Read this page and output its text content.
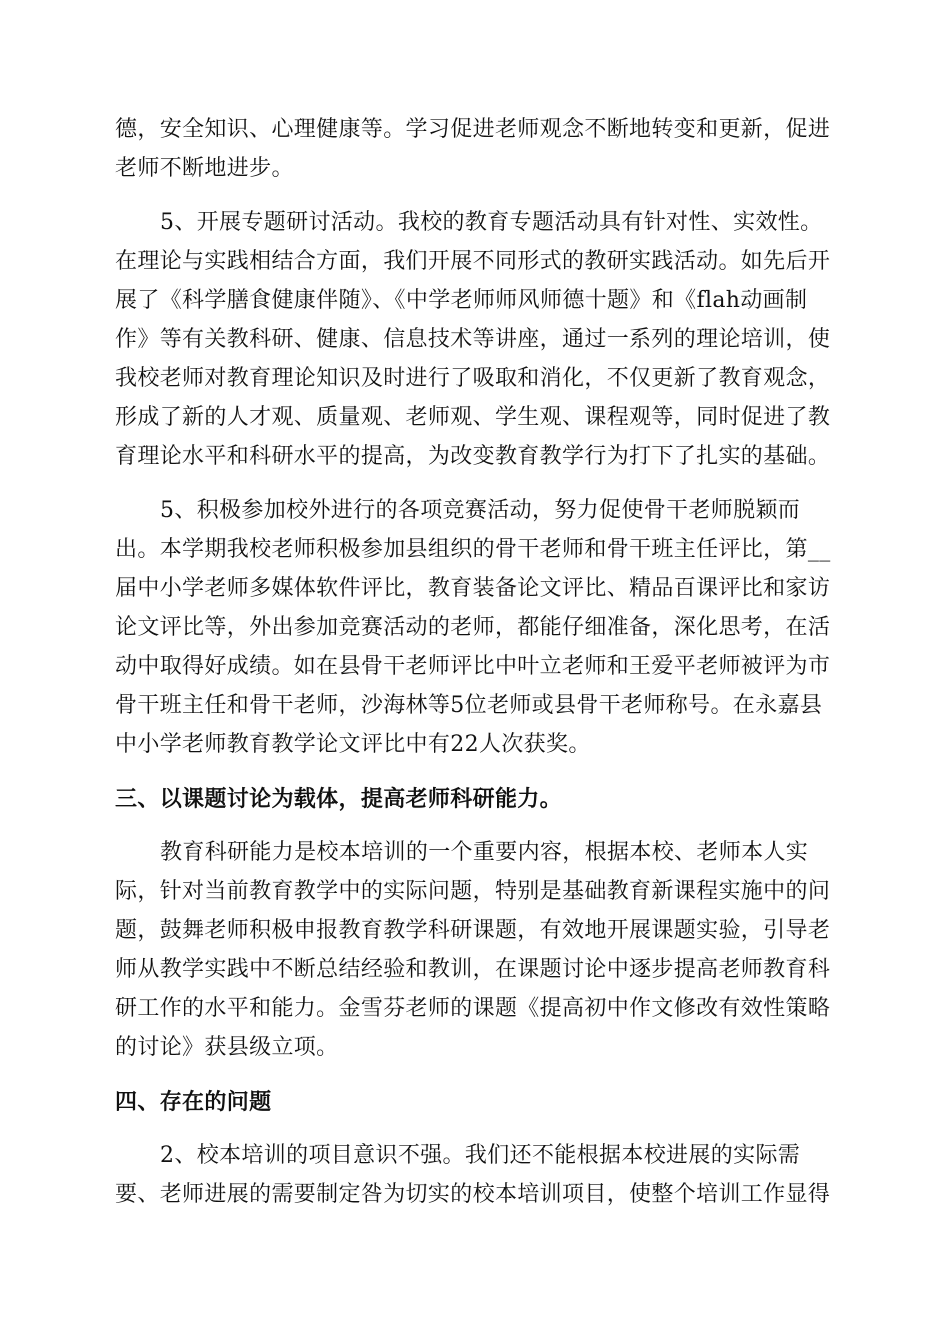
德，安全知识、心理健康等。学习促进老师观念不断地转变和更新，促进
老师不断地进步。
5、开展专题研讨活动。我校的教育专题活动具有针对性、实效性。
在理论与实践相结合方面，我们开展不同形式的教研实践活动。如先后开
展了《科学膳食健康伴随》、《中学老师师风师德十题》和《flah动画制
作》等有关教科研、健康、信息技术等讲座，通过一系列的理论培训，使
我校老师对教育理论知识及时进行了吸取和消化，不仅更新了教育观念，
形成了新的人才观、质量观、老师观、学生观、课程观等，同时促进了教
育理论水平和科研水平的提高，为改变教育教学行为打下了扎实的基础。
5、积极参加校外进行的各项竞赛活动，努力促使骨干老师脱颖而
出。本学期我校老师积极参加县组织的骨干老师和骨干班主任评比，第__
届中小学老师多媒体软件评比，教育装备论文评比、精品百课评比和家访
论文评比等，外出参加竞赛活动的老师，都能仔细准备，深化思考，在活
动中取得好成绩。如在县骨干老师评比中叶立老师和王爱平老师被评为市
骨干班主任和骨干老师，沙海林等5位老师或县骨干老师称号。在永嘉县
中小学老师教育教学论文评比中有22人次获奖。
三、以课题讨论为载体，提高老师科研能力。
教育科研能力是校本培训的一个重要内容，根据本校、老师本人实
际，针对当前教育教学中的实际问题，特别是基础教育新课程实施中的问
题，鼓舞老师积极申报教育教学科研课题，有效地开展课题实验，引导老
师从教学实践中不断总结经验和教训，在课题讨论中逐步提高老师教育科
研工作的水平和能力。金雪芬老师的课题《提高初中作文修改有效性策略
的讨论》获县级立项。
四、存在的问题
2、校本培训的项目意识不强。我们还不能根据本校进展的实际需
要、老师进展的需要制定咎为切实的校本培训项目，使整个培训工作显得
